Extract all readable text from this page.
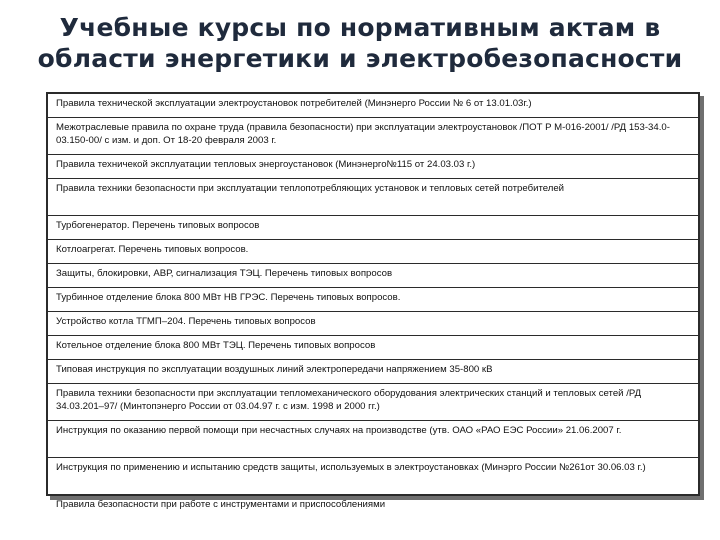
Учебные курсы по нормативным актам в
области энергетики и электробезопасности
Правила технической эксплуатации электроустановок потребителей (Минэнерго России № 6 от 13.01.03г.)
Межотраслевые правила по охране труда (правила безопасности) при эксплуатации электроустановок /ПОТ Р М-016-2001/ /РД 153-34.0-03.150-00/ с изм. и доп. От 18-20 февраля 2003 г.
Правила техничекой эксплуатации тепловых энергоустановок (Минэнерго№115 от 24.03.03 г.)
Правила техники безопасности при эксплуатации теплопотребляющих установок и тепловых сетей потребителей
Турбогенератор. Перечень типовых вопросов
Котлоагрегат. Перечень типовых вопросов.
Защиты, блокировки, АВР, сигнализация ТЭЦ. Перечень типовых вопросов
Турбинное отделение блока 800 МВт НВ ГРЭС. Перечень типовых вопросов.
Устройство котла ТГМП–204. Перечень типовых вопросов
Котельное отделение блока 800 МВт ТЭЦ. Перечень типовых вопросов
Типовая инструкция по эксплуатации воздушных линий электропередачи напряжением 35-800 кВ
Правила техники безопасности при эксплуатации тепломеханического оборудования электрических станций и тепловых сетей /РД 34.03.201–97/ (Минтопэнерго России от 03.04.97 г. с изм. 1998 и 2000 гг.)
Инструкция по оказанию первой помощи при несчастных случаях на производстве (утв. ОАО «РАО ЕЭС России» 21.06.2007 г.
Инструкция по применению и испытанию средств защиты, используемых в электроустановках (Минэрго России №261от 30.06.03 г.)
Правила безопасности при работе с инструментами и приспособлениями
